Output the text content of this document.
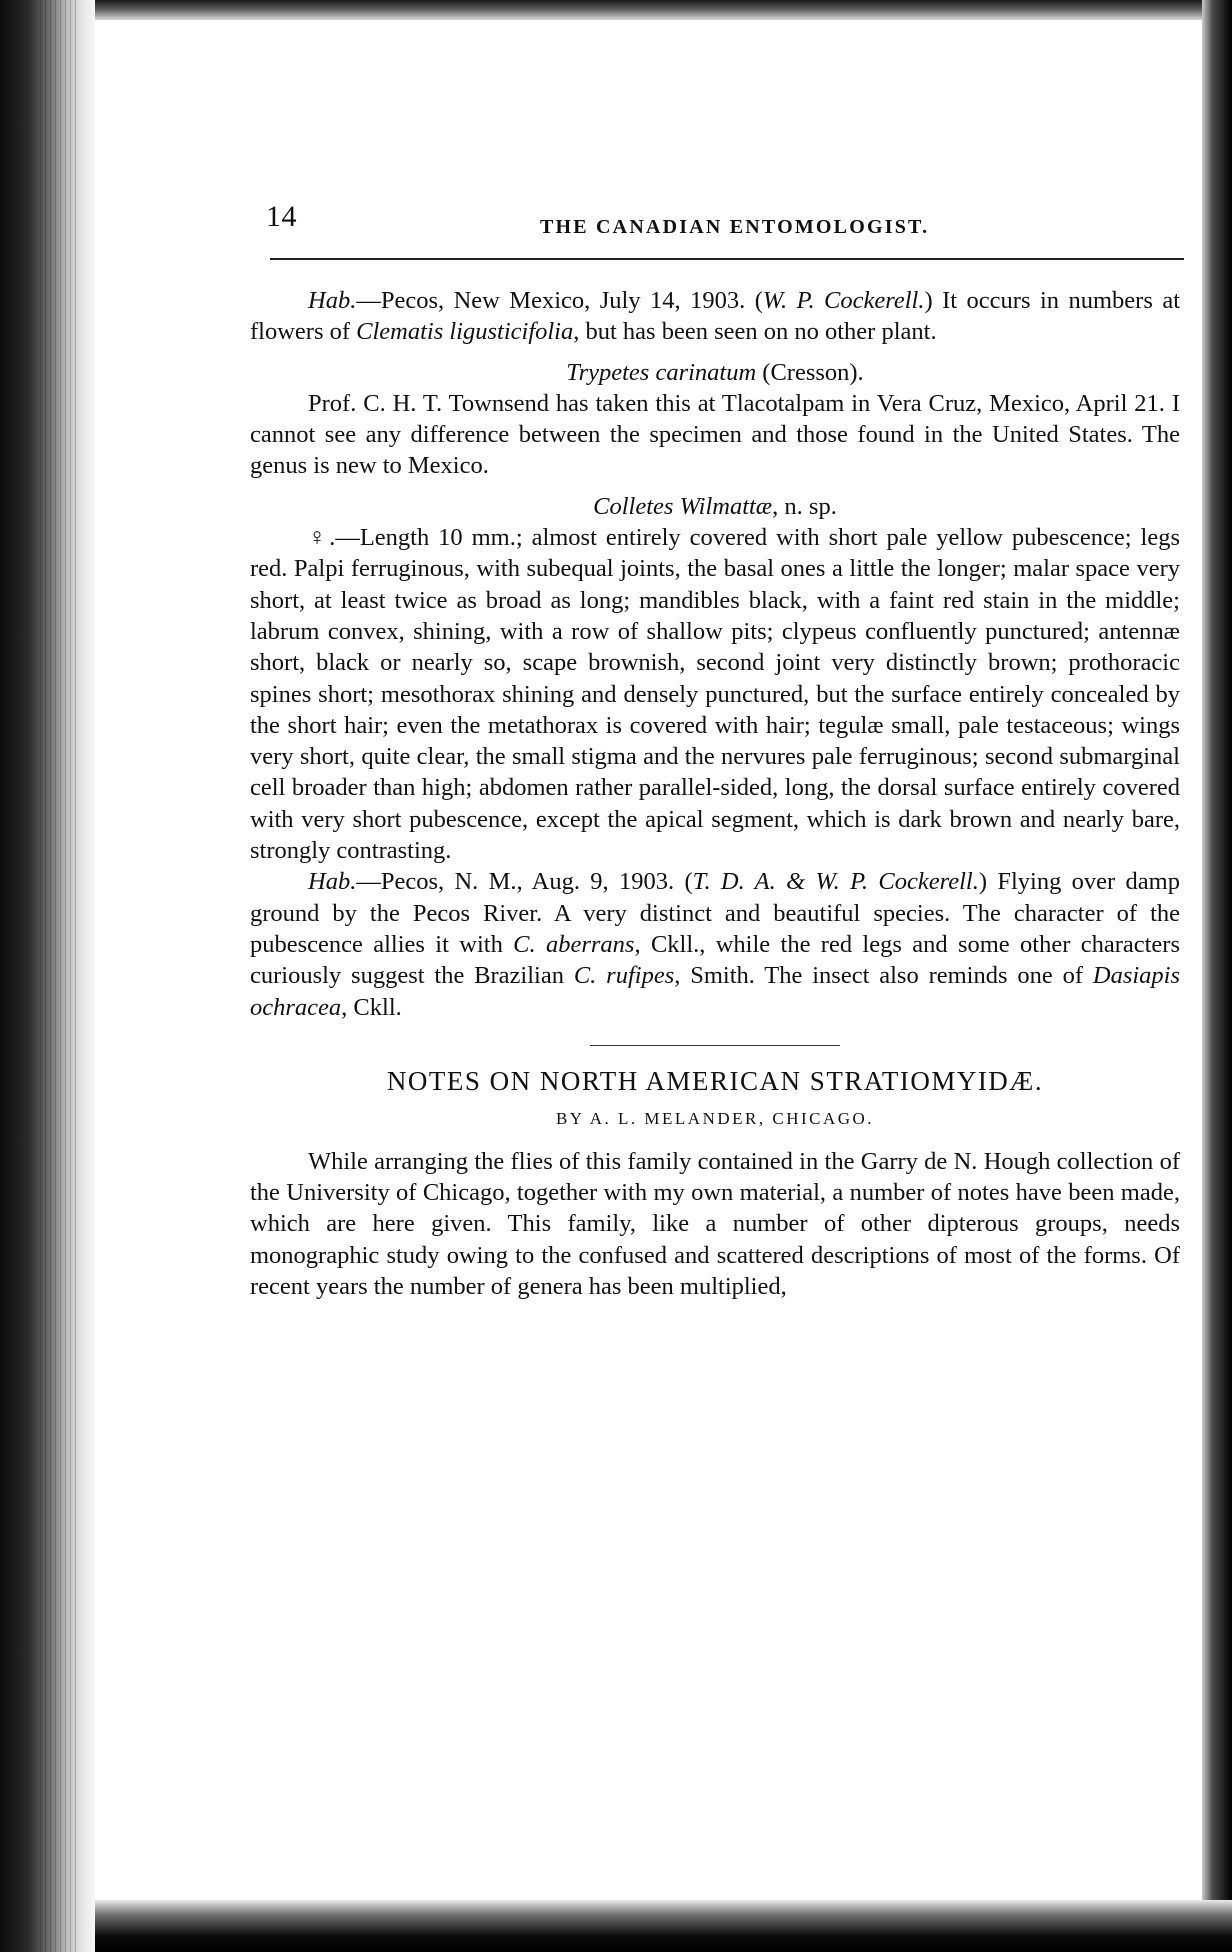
14	THE CANADIAN ENTOMOLOGIST.

Hab.—Pecos, New Mexico, July 14, 1903. (W. P. Cockerell.) It occurs in numbers at flowers of Clematis ligusticifolia, but has been seen on no other plant.

Trypetes carinatum (Cresson).

Prof. C. H. T. Townsend has taken this at Tlacotalpam in Vera Cruz, Mexico, April 21. I cannot see any difference between the specimen and those found in the United States. The genus is new to Mexico.

Colletes Wilmattæ, n. sp.

♀.—Length 10 mm.; almost entirely covered with short pale yellow pubescence; legs red. Palpi ferruginous, with subequal joints, the basal ones a little the longer; malar space very short, at least twice as broad as long; mandibles black, with a faint red stain in the middle; labrum convex, shining, with a row of shallow pits; clypeus confluently punctured; antennæ short, black or nearly so, scape brownish, second joint very distinctly brown; prothoracic spines short; mesothorax shining and densely punctured, but the surface entirely concealed by the short hair; even the metathorax is covered with hair; tegulæ small, pale testaceous; wings very short, quite clear, the small stigma and the nervures pale ferruginous; second submarginal cell broader than high; abdomen rather parallel-sided, long, the dorsal surface entirely covered with very short pubescence, except the apical segment, which is dark brown and nearly bare, strongly contrasting.

Hab.—Pecos, N. M., Aug. 9, 1903. (T. D. A. & W. P. Cockerell.) Flying over damp ground by the Pecos River. A very distinct and beautiful species. The character of the pubescence allies it with C. aberrans, Ckll., while the red legs and some other characters curiously suggest the Brazilian C. rufipes, Smith. The insect also reminds one of Dasiapis ochracea, Ckll.

NOTES ON NORTH AMERICAN STRATIOMYIDÆ.
BY A. L. MELANDER, CHICAGO.

While arranging the flies of this family contained in the Garry de N. Hough collection of the University of Chicago, together with my own material, a number of notes have been made, which are here given. This family, like a number of other dipterous groups, needs monographic study owing to the confused and scattered descriptions of most of the forms. Of recent years the number of genera has been multiplied,
